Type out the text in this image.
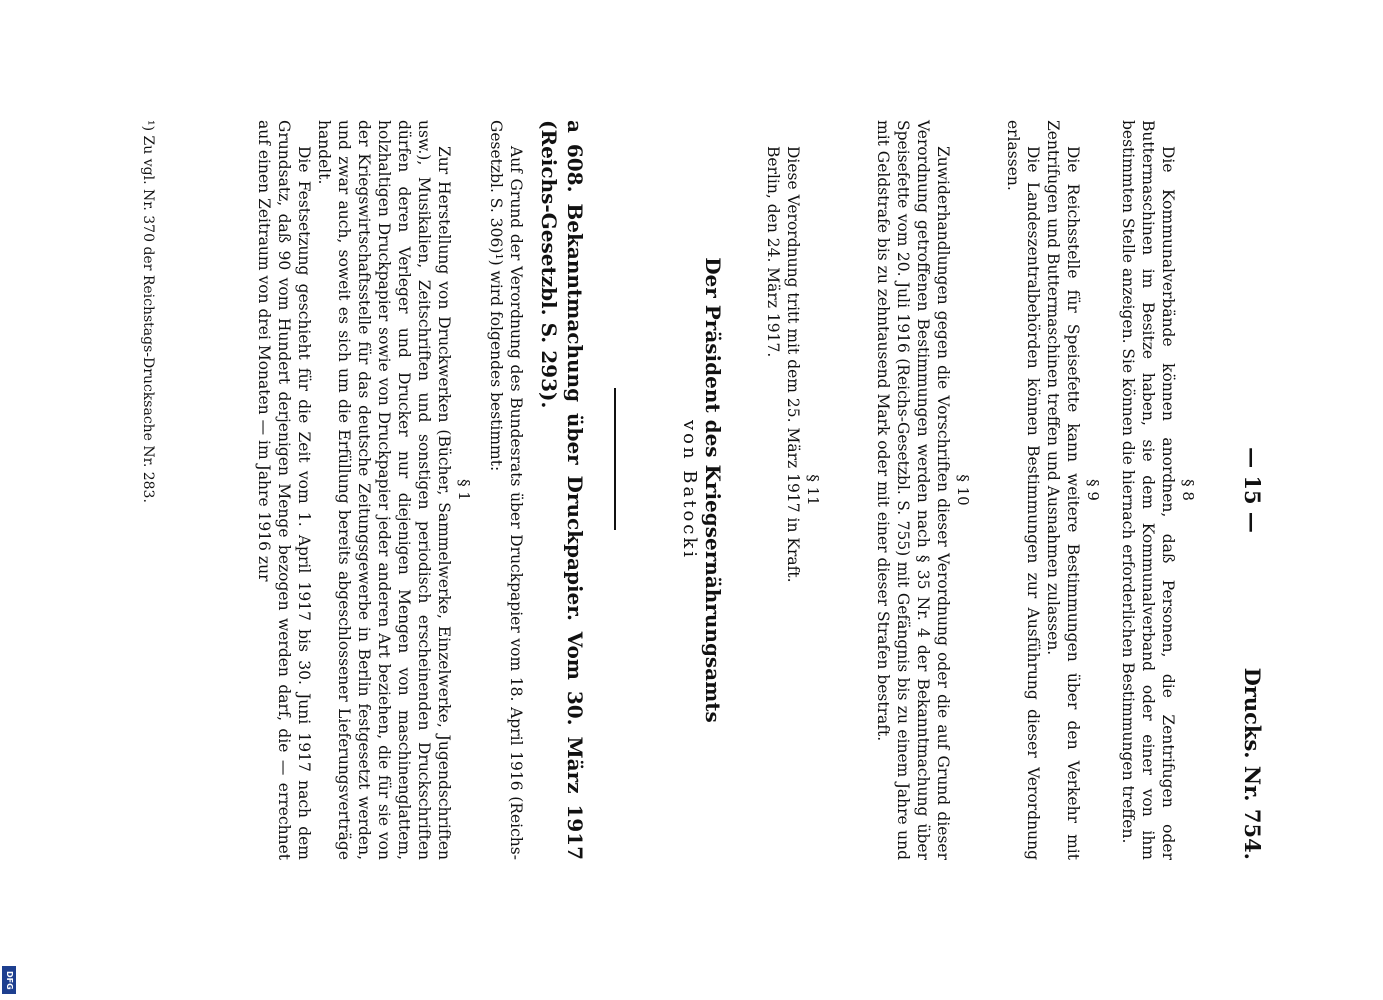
— 15 —
Drucks. Nr. 754.

§ 8

Die Kommunalverbände können anordnen, daß Personen, die Zentrifugen oder Buttermaschinen im Besitze haben, sie dem Kommunalverband oder einer von ihm bestimmten Stelle anzeigen. Sie können die hiernach erforderlichen Bestimmungen treffen.

§ 9

Die Reichsstelle für Speisefette kann weitere Bestimmungen über den Verkehr mit Zentrifugen und Buttermaschinen treffen und Ausnahmen zulassen.

Die Landeszentralbehörden können Bestimmungen zur Ausführung dieser Verordnung erlassen.

§ 10

Zuwiderhandlungen gegen die Vorschriften dieser Verordnung oder die auf Grund dieser Verordnung getroffenen Bestimmungen werden nach § 35 Nr. 4 der Bekanntmachung über Speisefette vom 20. Juli 1916 (Reichs-Gesetzbl. S. 755) mit Gefängnis bis zu einem Jahre und mit Geldstrafe bis zu zehntausend Mark oder mit einer dieser Strafen bestraft.

§ 11

Diese Verordnung tritt mit dem 25. März 1917 in Kraft.

Berlin, den 24. März 1917.

Der Präsident des Kriegsernährungsamts

von Batocki

a 608. Bekanntmachung über Druckpapier. Vom 30. März 1917 (Reichs-Gesetzbl. S. 293).

Auf Grund der Verordnung des Bundesrats über Druckpapier vom 18. April 1916 (Reichs-Gesetzbl. S. 306)¹) wird folgendes bestimmt:

§ 1

Zur Herstellung von Druckwerken (Bücher, Sammelwerke, Einzelwerke, Jugendschriften usw.), Musikalien, Zeitschriften und sonstigen periodisch erscheinenden Druckschriften dürfen deren Verleger und Drucker nur diejenigen Mengen von maschinenglattem, holzhaltigen Druckpapier sowie von Druckpapier jeder anderen Art beziehen, die für sie von der Kriegswirtschaftsstelle für das deutsche Zeitungsgewerbe in Berlin festgesetzt werden, und zwar auch, soweit es sich um die Erfüllung bereits abgeschlossener Lieferungsverträge handelt.

Die Festsetzung geschieht für die Zeit vom 1. April 1917 bis 30. Juni 1917 nach dem Grundsatz, daß 90 vom Hundert derjenigen Menge bezogen werden darf, die — errechnet auf einen Zeitraum von drei Monaten — im Jahre 1916 zur

¹) Zu vgl. Nr. 370 der Reichstags-Drucksache Nr. 283.
DFG
